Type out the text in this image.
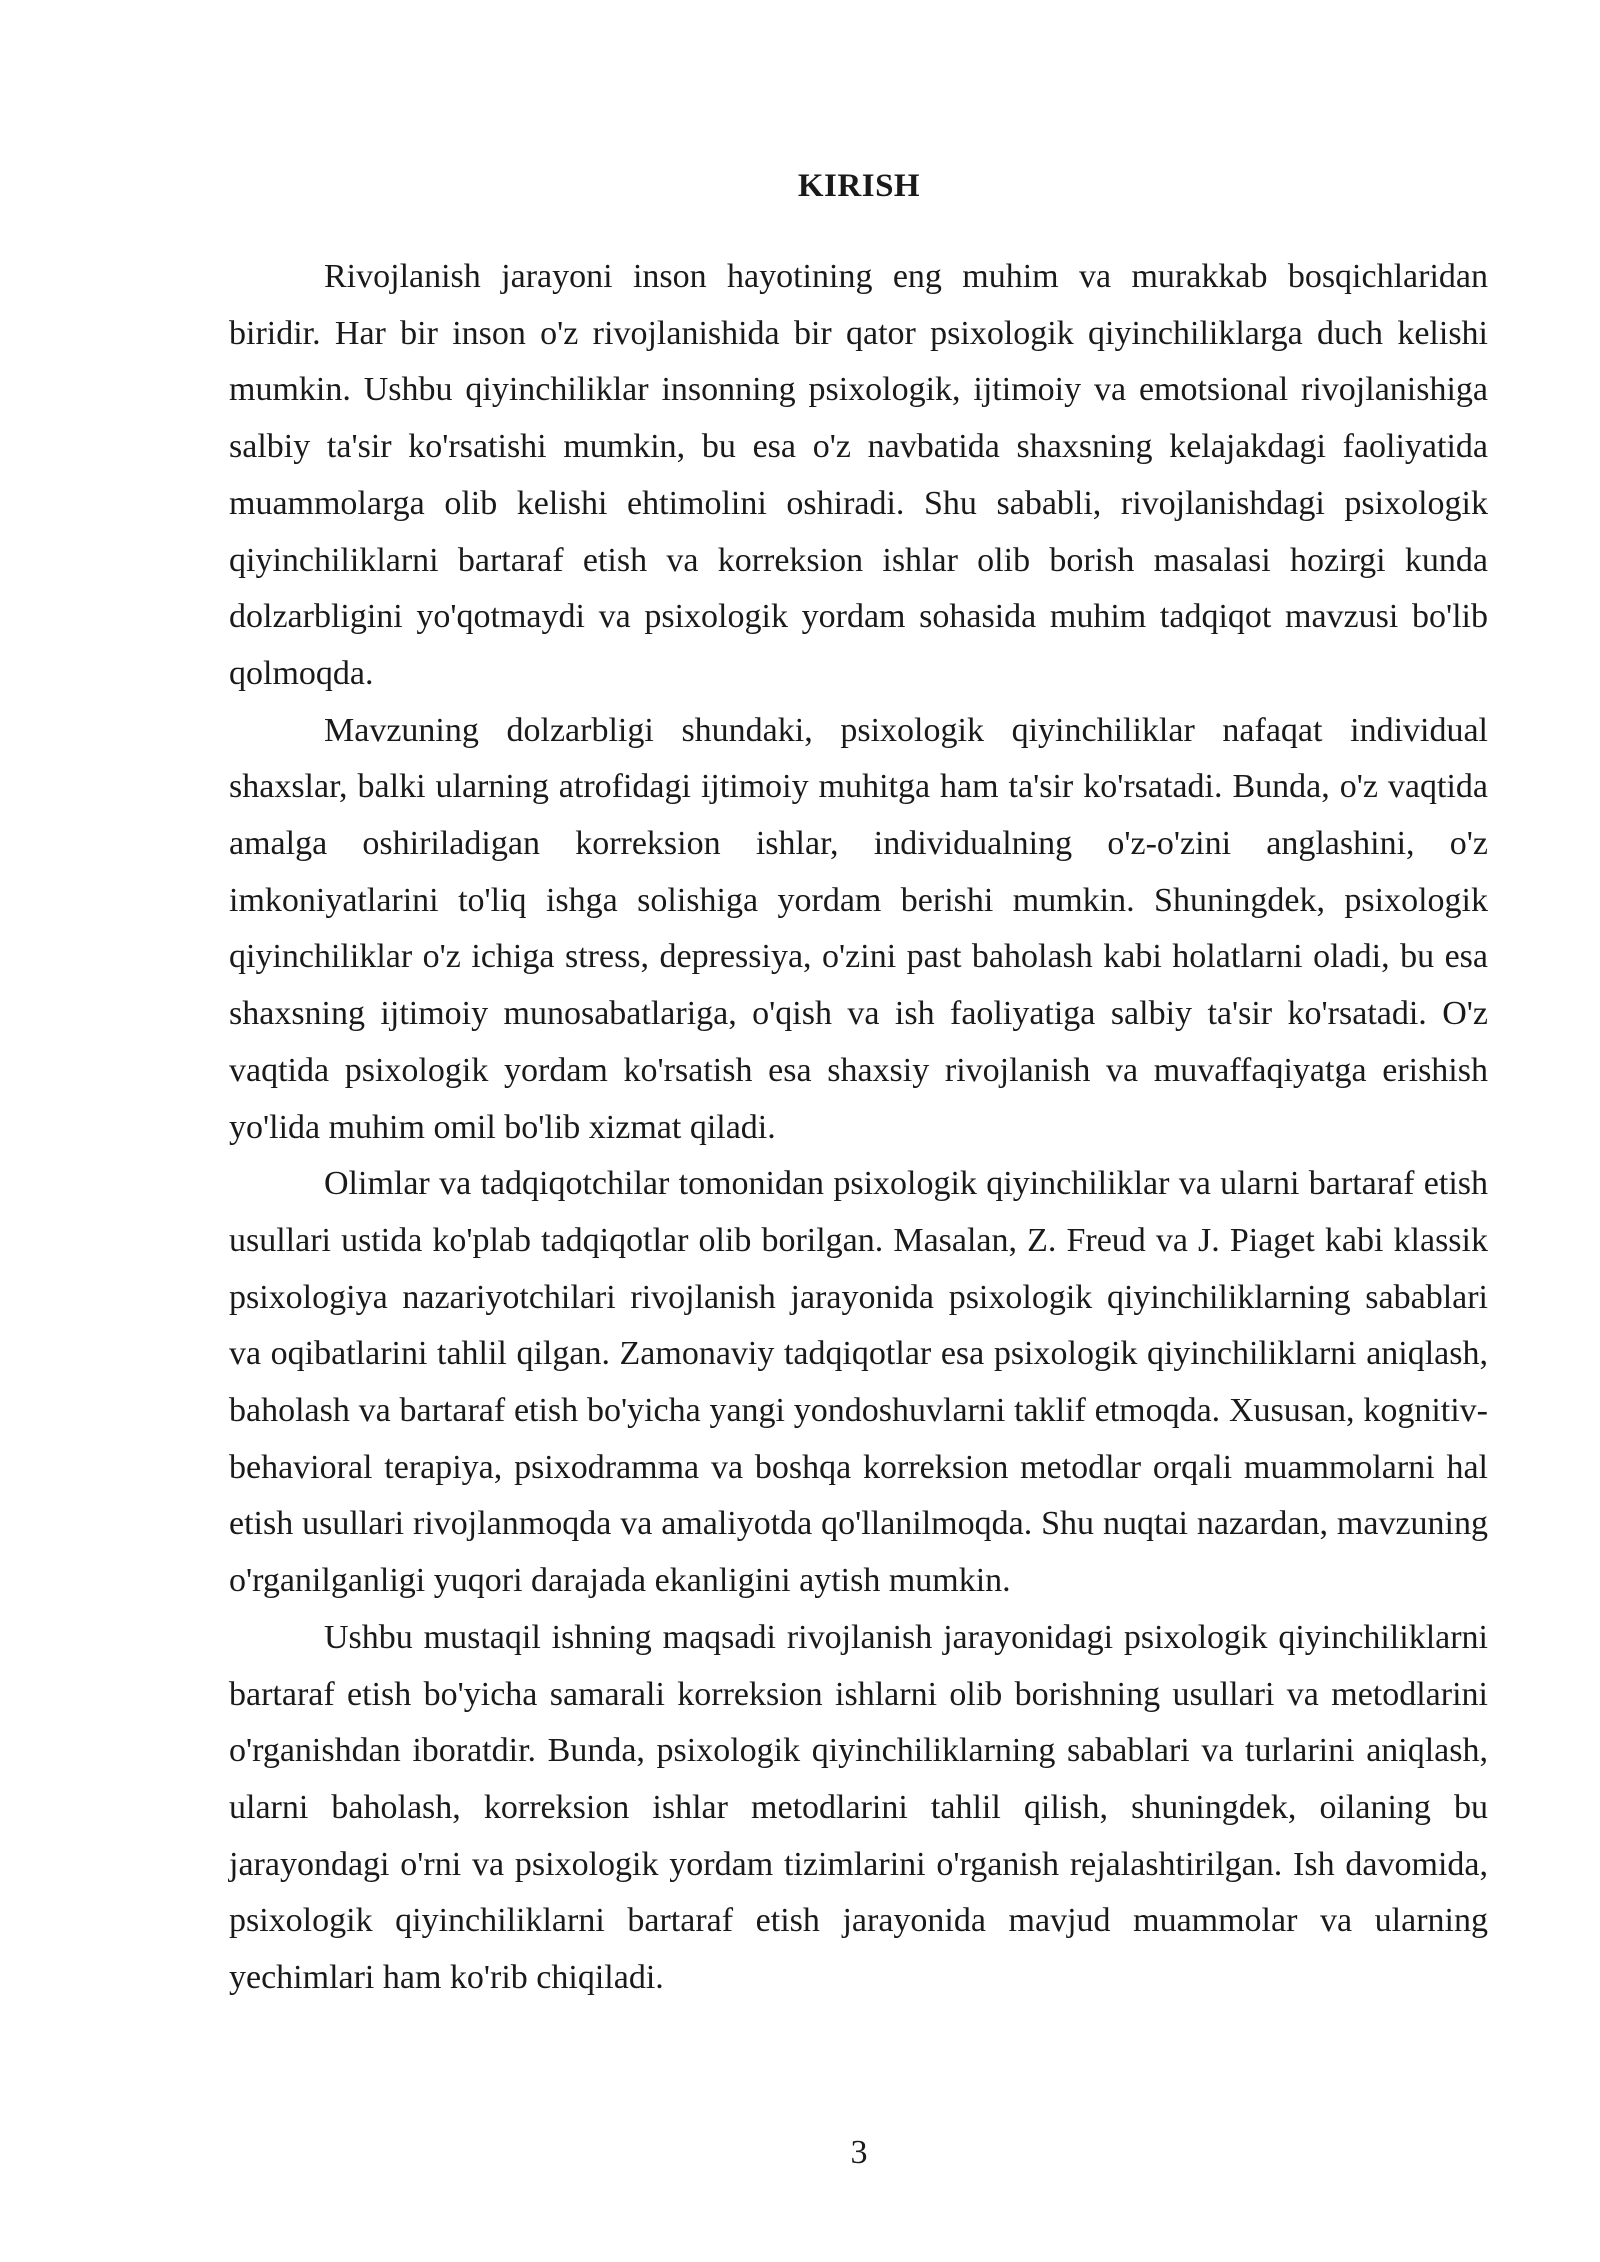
KIRISH

Rivojlanish jarayoni inson hayotining eng muhim va murakkab bosqichlaridan biridir. Har bir inson o'z rivojlanishida bir qator psixologik qiyinchiliklarga duch kelishi mumkin. Ushbu qiyinchiliklar insonning psixologik, ijtimoiy va emotsional rivojlanishiga salbiy ta'sir ko'rsatishi mumkin, bu esa o'z navbatida shaxsning kelajakdagi faoliyatida muammolarga olib kelishi ehtimolini oshiradi. Shu sababli, rivojlanishdagi psixologik qiyinchiliklarni bartaraf etish va korreksion ishlar olib borish masalasi hozirgi kunda dolzarbligini yo'qotmaydi va psixologik yordam sohasida muhim tadqiqot mavzusi bo'lib qolmoqda.

Mavzuning dolzarbligi shundaki, psixologik qiyinchiliklar nafaqat individual shaxslar, balki ularning atrofidagi ijtimoiy muhitga ham ta'sir ko'rsatadi. Bunda, o'z vaqtida amalga oshiriladigan korreksion ishlar, individualning o'z-o'zini anglashini, o'z imkoniyatlarini to'liq ishga solishiga yordam berishi mumkin. Shuningdek, psixologik qiyinchiliklar o'z ichiga stress, depressiya, o'zini past baholash kabi holatlarni oladi, bu esa shaxsning ijtimoiy munosabatlariga, o'qish va ish faoliyatiga salbiy ta'sir ko'rsatadi. O'z vaqtida psixologik yordam ko'rsatish esa shaxsiy rivojlanish va muvaffaqiyatga erishish yo'lida muhim omil bo'lib xizmat qiladi.

Olimlar va tadqiqotchilar tomonidan psixologik qiyinchiliklar va ularni bartaraf etish usullari ustida ko'plab tadqiqotlar olib borilgan. Masalan, Z. Freud va J. Piaget kabi klassik psixologiya nazariyotchilari rivojlanish jarayonida psixologik qiyinchiliklarning sabablari va oqibatlarini tahlil qilgan. Zamonaviy tadqiqotlar esa psixologik qiyinchiliklarni aniqlash, baholash va bartaraf etish bo'yicha yangi yondoshuvlarni taklif etmoqda. Xususan, kognitiv-behavioral terapiya, psixodramma va boshqa korreksion metodlar orqali muammolarni hal etish usullari rivojlanmoqda va amaliyotda qo'llanilmoqda. Shu nuqtai nazardan, mavzuning o'rganilganligi yuqori darajada ekanligini aytish mumkin.

Ushbu mustaqil ishning maqsadi rivojlanish jarayonidagi psixologik qiyinchiliklarni bartaraf etish bo'yicha samarali korreksion ishlarni olib borishning usullari va metodlarini o'rganishdan iboratdir. Bunda, psixologik qiyinchiliklarning sabablari va turlarini aniqlash, ularni baholash, korreksion ishlar metodlarini tahlil qilish, shuningdek, oilaning bu jarayondagi o'rni va psixologik yordam tizimlarini o'rganish rejalashtirilgan. Ish davomida, psixologik qiyinchiliklarni bartaraf etish jarayonida mavjud muammolar va ularning yechimlari ham ko'rib chiqiladi.

3
